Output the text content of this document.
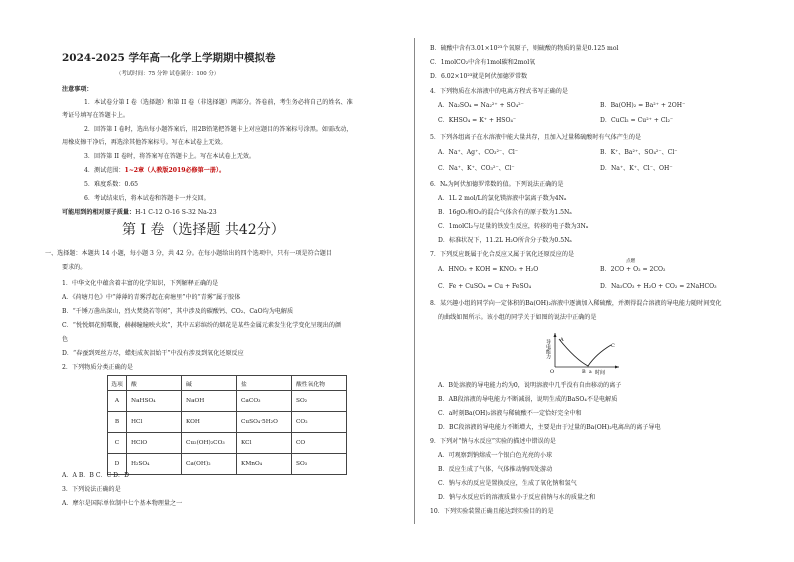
2024-2025 学年高一化学上学期期中模拟卷
（考试时间：75 分钟 试卷满分：100 分）
注意事项：
1．本试卷分第 I 卷（选择题）和第 II 卷（非选择题）两部分。答卷前，考生务必将自己的姓名、准
考证号填写在答题卡上。
2．回答第 I 卷时，选出每小题答案后，用2B铅笔把答题卡上对应题目的答案标号涂黑。如需改动，
用橡皮擦干净后，再选涂其他答案标号。写在本试卷上无效。
3．回答第 II 卷时，将答案写在答题卡上。写在本试卷上无效。
4．测试范围：1~2章（人教版2019必修第一册）。
5．难度系数：0.65
6．考试结束后，将本试卷和答题卡一并交回。
可能用到的相对原子质量：H-1 C-12 O-16 S-32 Na-23
第 I 卷（选择题 共42分）
一、选择题：本题共 14 小题，每小题 3 分，共 42 分。在每小题给出的四个选项中，只有一项是符合题目
要求的。
1．中华文化中蕴含着丰富的化学知识，下列解释正确的是
A．《荷塘月色》中“薄薄的青雾浮起在荷塘里”中的“青雾”属于胶体
B．“千锤万凿出深山，烈火焚烧若等闲”，其中涉及的碳酸钙、CO₂、CaO均为电解质
C．“悦悦烟花照曙胧，赫赫瞳瞳映火坎”，其中五彩缤纷的烟花是某些金属元素发生化学变化呈现出的颜
色
D．“春蚕到死丝方尽，蜡炬成灰泪始干”中没有涉及到氧化还原反应
2．下列物质分类正确的是
选项	酸	碱	盐	酸性氧化物
A	NaHSO₄	NaOH	CaCO₃	SO₂
B	HCl	KOH	CuSO₄·5H₂O	CO₂
C	HClO	Cu₂(OH)₂CO₃	KCl	CO
D	H₂SO₄	Ca(OH)₂	KMnO₄	SO₃
A．A B．B C．C D．D
3．下列说法正确的是
A．摩尔是国际单位制中七个基本物理量之一
B．硫酸中含有3.01×10²³个氧原子，则硫酸的物质的量是0.125 mol
C．1molCO₂中含有1mol碳和2mol氧
D．6.02×10²³就是阿伏加德罗常数
4．下列物质在水溶液中的电离方程式书写正确的是
A．Na₂SO₄ = Na₂²⁺ + SO₄²⁻	B．Ba(OH)₂ = Ba²⁺ + 2OH⁻
C．KHSO₄ = K⁺ + HSO₄⁻	D．CuCl₂ = Cu²⁺ + Cl₂⁻
5．下列各组离子在水溶液中能大量共存，且加入过量稀硫酸时有气体产生的是
A．Na⁺、Ag⁺、CO₃²⁻、Cl⁻	B．K⁺、Ba²⁺、SO₄²⁻、Cl⁻
C．Na⁺、K⁺、CO₃²⁻、Cl⁻	D．Na⁺、K⁺、Cl⁻、OH⁻
6．Nₐ为阿伏加德罗常数的值。下列说法正确的是
A．1L 2 mol/L的氯化镁溶液中氯离子数为4Nₐ
B．16gO₂和O₃的混合气体含有的原子数为1.5Nₐ
C．1molCl₂与足量的铁发生反应，转移的电子数为3Nₐ
D．标准状况下，11.2L H₂O所含分子数为0.5Nₐ
7．下列反应既属于化合反应又属于氧化还原反应的是
A．HNO₃ + KOH = KNO₃ + H₂O	B．2CO + O₂ = 2CO₂
点燃
C．Fe + CuSO₄ = Cu + FeSO₄	D．Na₂CO₃ + H₂O + CO₂ = 2NaHCO₃
8．某兴趣小组的同学向一定体积的Ba(OH)₂溶液中逐滴加入稀硫酸，并测得混合溶液的导电能力随时间变化
的曲线如图所示。该小组的同学关于如图的说法中正确的是
导电能力
时间
O
A
B
C
a
A．B处溶液的导电能力约为0，说明溶液中几乎没有自由移动的离子
B．AB段溶液的导电能力不断减弱，说明生成的BaSO₄不是电解质
C．a时刻Ba(OH)₂溶液与稀硫酸不一定恰好完全中和
D．BC段溶液的导电能力不断增大，主要是由于过量的Ba(OH)₂电离出的离子导电
9．下列对“钠与水反应”实验的描述中错误的是
A．可观察到钠熔成一个银白色光亮的小球
B．反应生成了气体，气体推动钠四处游动
C．钠与水的反应是置换反应，生成了氧化钠和氢气
D．钠与水反应后的溶液质量小于反应前钠与水的质量之和
10．下列实验装置正确且能达到实验目的的是
